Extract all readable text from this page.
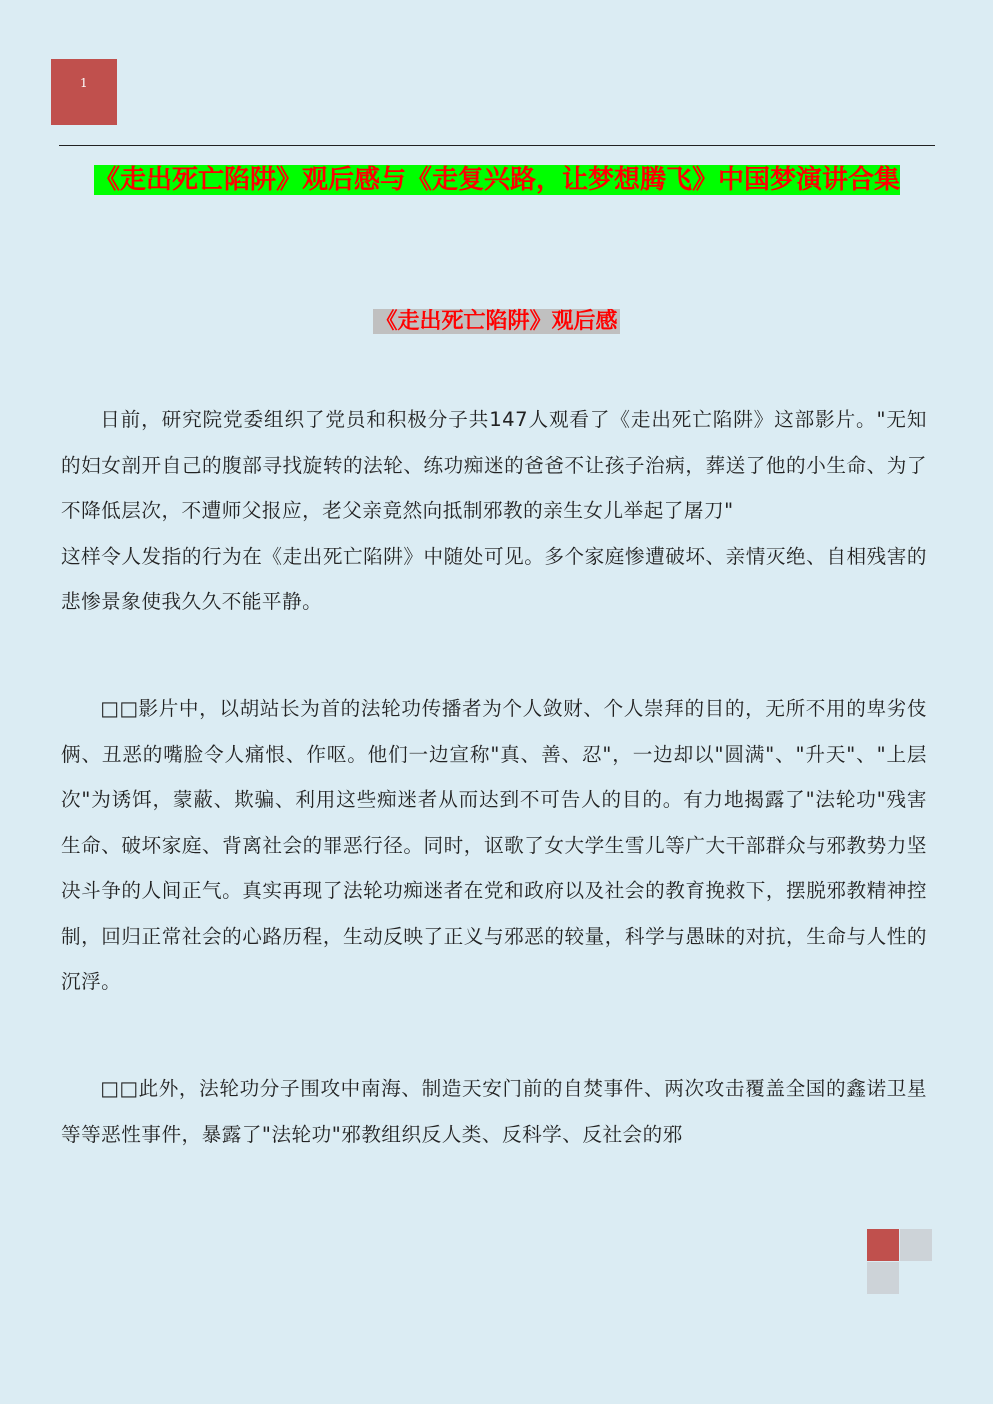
1
《走出死亡陷阱》观后感与《走复兴路，让梦想腾飞》中国梦演讲合集
《走出死亡陷阱》观后感

日前，研究院党委组织了党员和积极分子共147人观看了《走出死亡陷阱》这部影片。"无知的妇女剖开自己的腹部寻找旋转的法轮、练功痴迷的爸爸不让孩子治病，葬送了他的小生命、为了不降低层次，不遭师父报应，老父亲竟然向抵制邪教的亲生女儿举起了屠刀"
这样令人发指的行为在《走出死亡陷阱》中随处可见。多个家庭惨遭破坏、亲情灭绝、自相残害的悲惨景象使我久久不能平静。

□□影片中，以胡站长为首的法轮功传播者为个人敛财、个人崇拜的目的，无所不用的卑劣伎俩、丑恶的嘴脸令人痛恨、作呕。他们一边宣称"真、善、忍"，一边却以"圆满"、"升天"、"上层次"为诱饵，蒙蔽、欺骗、利用这些痴迷者从而达到不可告人的目的。有力地揭露了"法轮功"残害生命、破坏家庭、背离社会的罪恶行径。同时，讴歌了女大学生雪儿等广大干部群众与邪教势力坚决斗争的人间正气。真实再现了法轮功痴迷者在党和政府以及社会的教育挽救下，摆脱邪教精神控制，回归正常社会的心路历程，生动反映了正义与邪恶的较量，科学与愚昧的对抗，生命与人性的沉浮。

□□此外，法轮功分子围攻中南海、制造天安门前的自焚事件、两次攻击覆盖全国的鑫诺卫星等等恶性事件，暴露了"法轮功"邪教组织反人类、反科学、反社会的邪
